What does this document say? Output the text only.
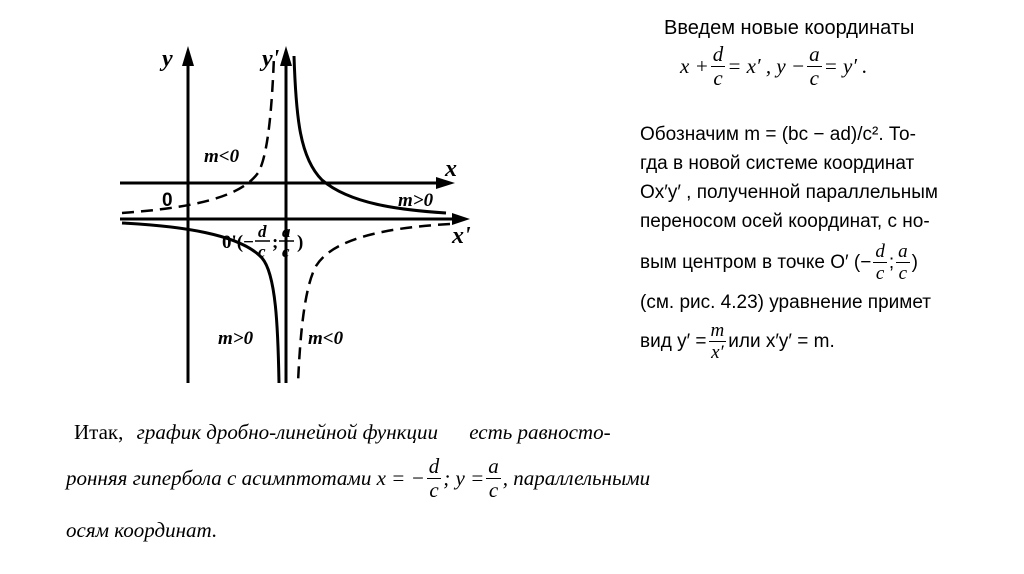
y	y'
x
x'
0
0'(−
d
c ;
a
c )
m<0
m>0
m>0	m<0
Введем новые координаты
$x + \frac{d}{c} = x'$ , $y - \frac{a}{c} = y'$ .
Обозначим m = (bc − ad)/c². То-
гда в новой системе координат
Ox′y′ , полученной параллельным
переносом осей координат, с но-
вым центром в точке O′ (− $\frac{d}{c}$ ; $\frac{a}{c}$ )
(см. рис. 4.23) уравнение примет
вид $y' = \frac{m}{x'}$ или x′y′ = m.
Итак, график дробно-линейной функции есть равносто-
ронняя гипербола с асимптотами x = − $\frac{d}{c}$ ; $y = \frac{a}{c}$ , параллельными
осям координат.
